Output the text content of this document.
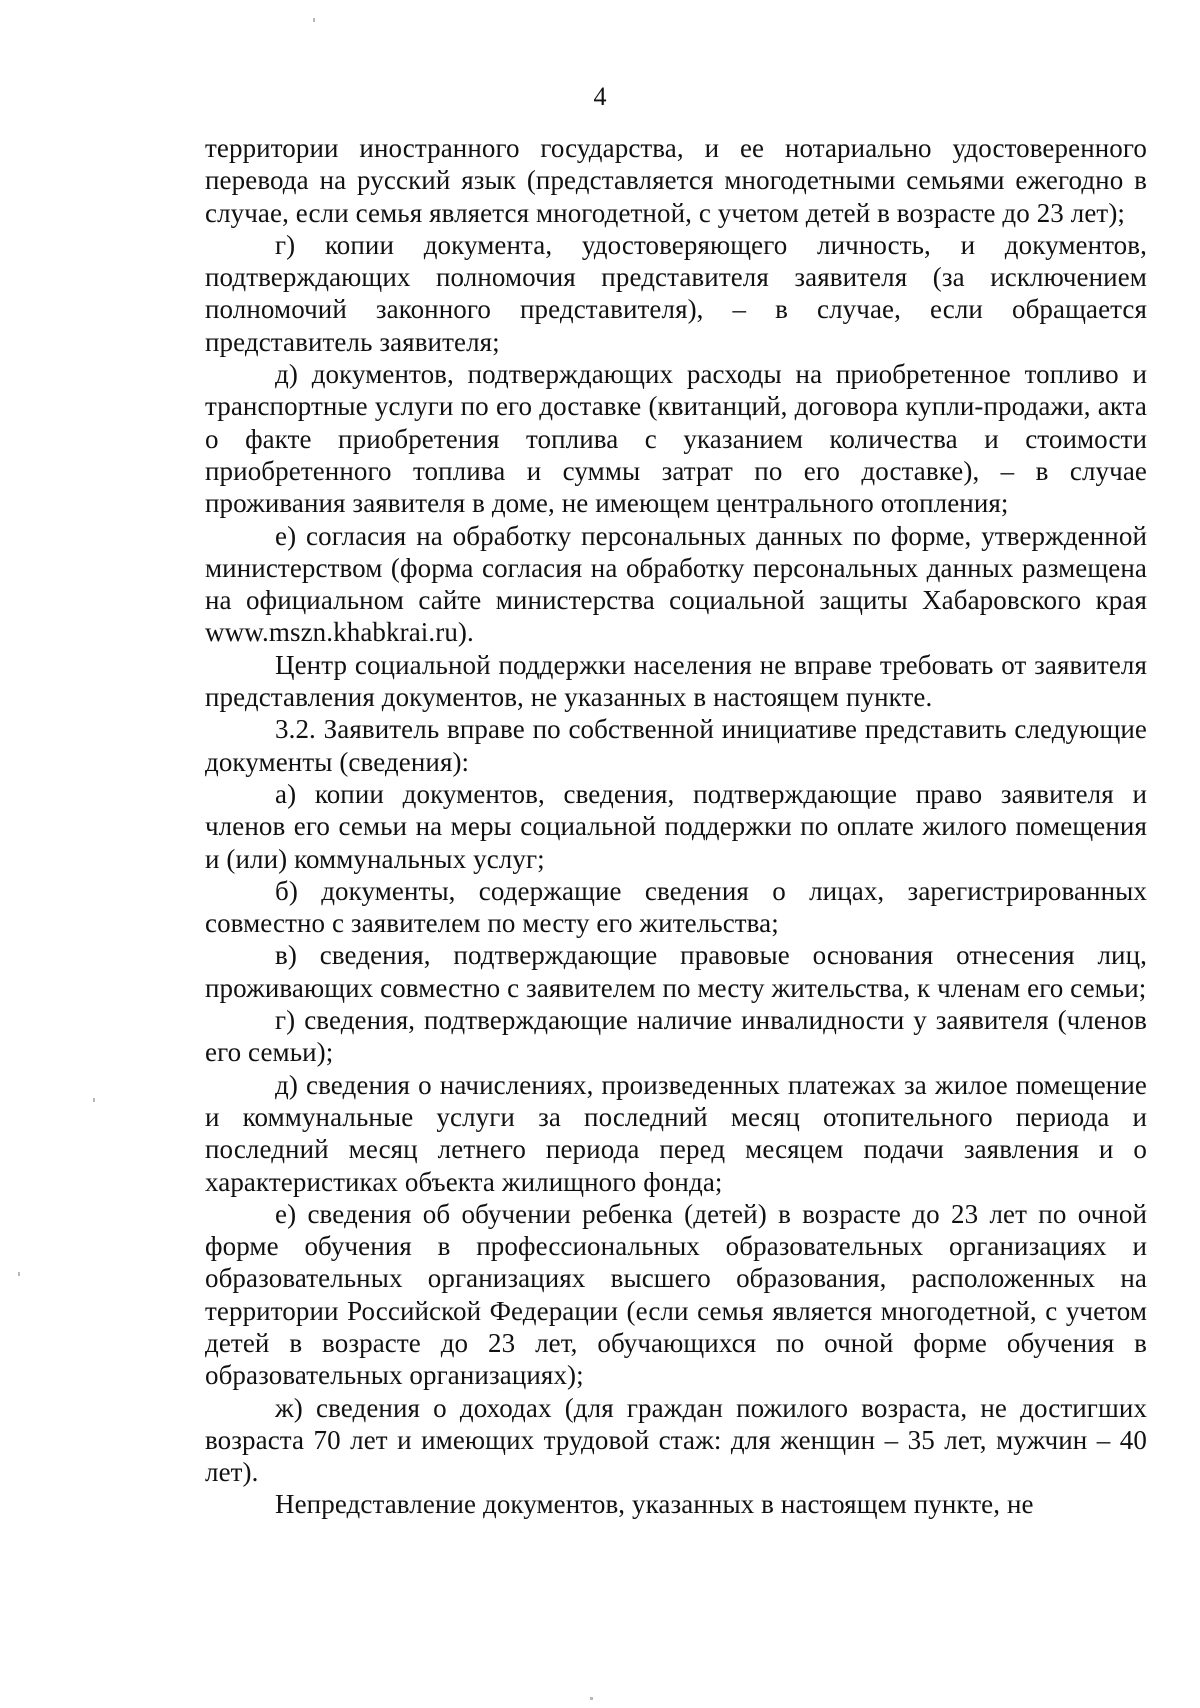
4

территории иностранного государства, и ее нотариально удостоверенного перевода на русский язык (представляется многодетными семьями ежегодно в случае, если семья является многодетной, с учетом детей в возрасте до 23 лет);

г) копии документа, удостоверяющего личность, и документов, подтверждающих полномочия представителя заявителя (за исключением полномочий законного представителя), – в случае, если обращается представитель заявителя;

д) документов, подтверждающих расходы на приобретенное топливо и транспортные услуги по его доставке (квитанций, договора купли-продажи, акта о факте приобретения топлива с указанием количества и стоимости приобретенного топлива и суммы затрат по его доставке), – в случае проживания заявителя в доме, не имеющем центрального отопления;

е) согласия на обработку персональных данных по форме, утвержденной министерством (форма согласия на обработку персональных данных размещена на официальном сайте министерства социальной защиты Хабаровского края www.mszn.khabkrai.ru).

Центр социальной поддержки населения не вправе требовать от заявителя представления документов, не указанных в настоящем пункте.

3.2. Заявитель вправе по собственной инициативе представить следующие документы (сведения):

а) копии документов, сведения, подтверждающие право заявителя и членов его семьи на меры социальной поддержки по оплате жилого помещения и (или) коммунальных услуг;

б) документы, содержащие сведения о лицах, зарегистрированных совместно с заявителем по месту его жительства;

в) сведения, подтверждающие правовые основания отнесения лиц, проживающих совместно с заявителем по месту жительства, к членам его семьи;

г) сведения, подтверждающие наличие инвалидности у заявителя (членов его семьи);

д) сведения о начислениях, произведенных платежах за жилое помещение и коммунальные услуги за последний месяц отопительного периода и последний месяц летнего периода перед месяцем подачи заявления и о характеристиках объекта жилищного фонда;

е) сведения об обучении ребенка (детей) в возрасте до 23 лет по очной форме обучения в профессиональных образовательных организациях и образовательных организациях высшего образования, расположенных на территории Российской Федерации (если семья является многодетной, с учетом детей в возрасте до 23 лет, обучающихся по очной форме обучения в образовательных организациях);

ж) сведения о доходах (для граждан пожилого возраста, не достигших возраста 70 лет и имеющих трудовой стаж: для женщин – 35 лет, мужчин – 40 лет).

Непредставление документов, указанных в настоящем пункте, не
